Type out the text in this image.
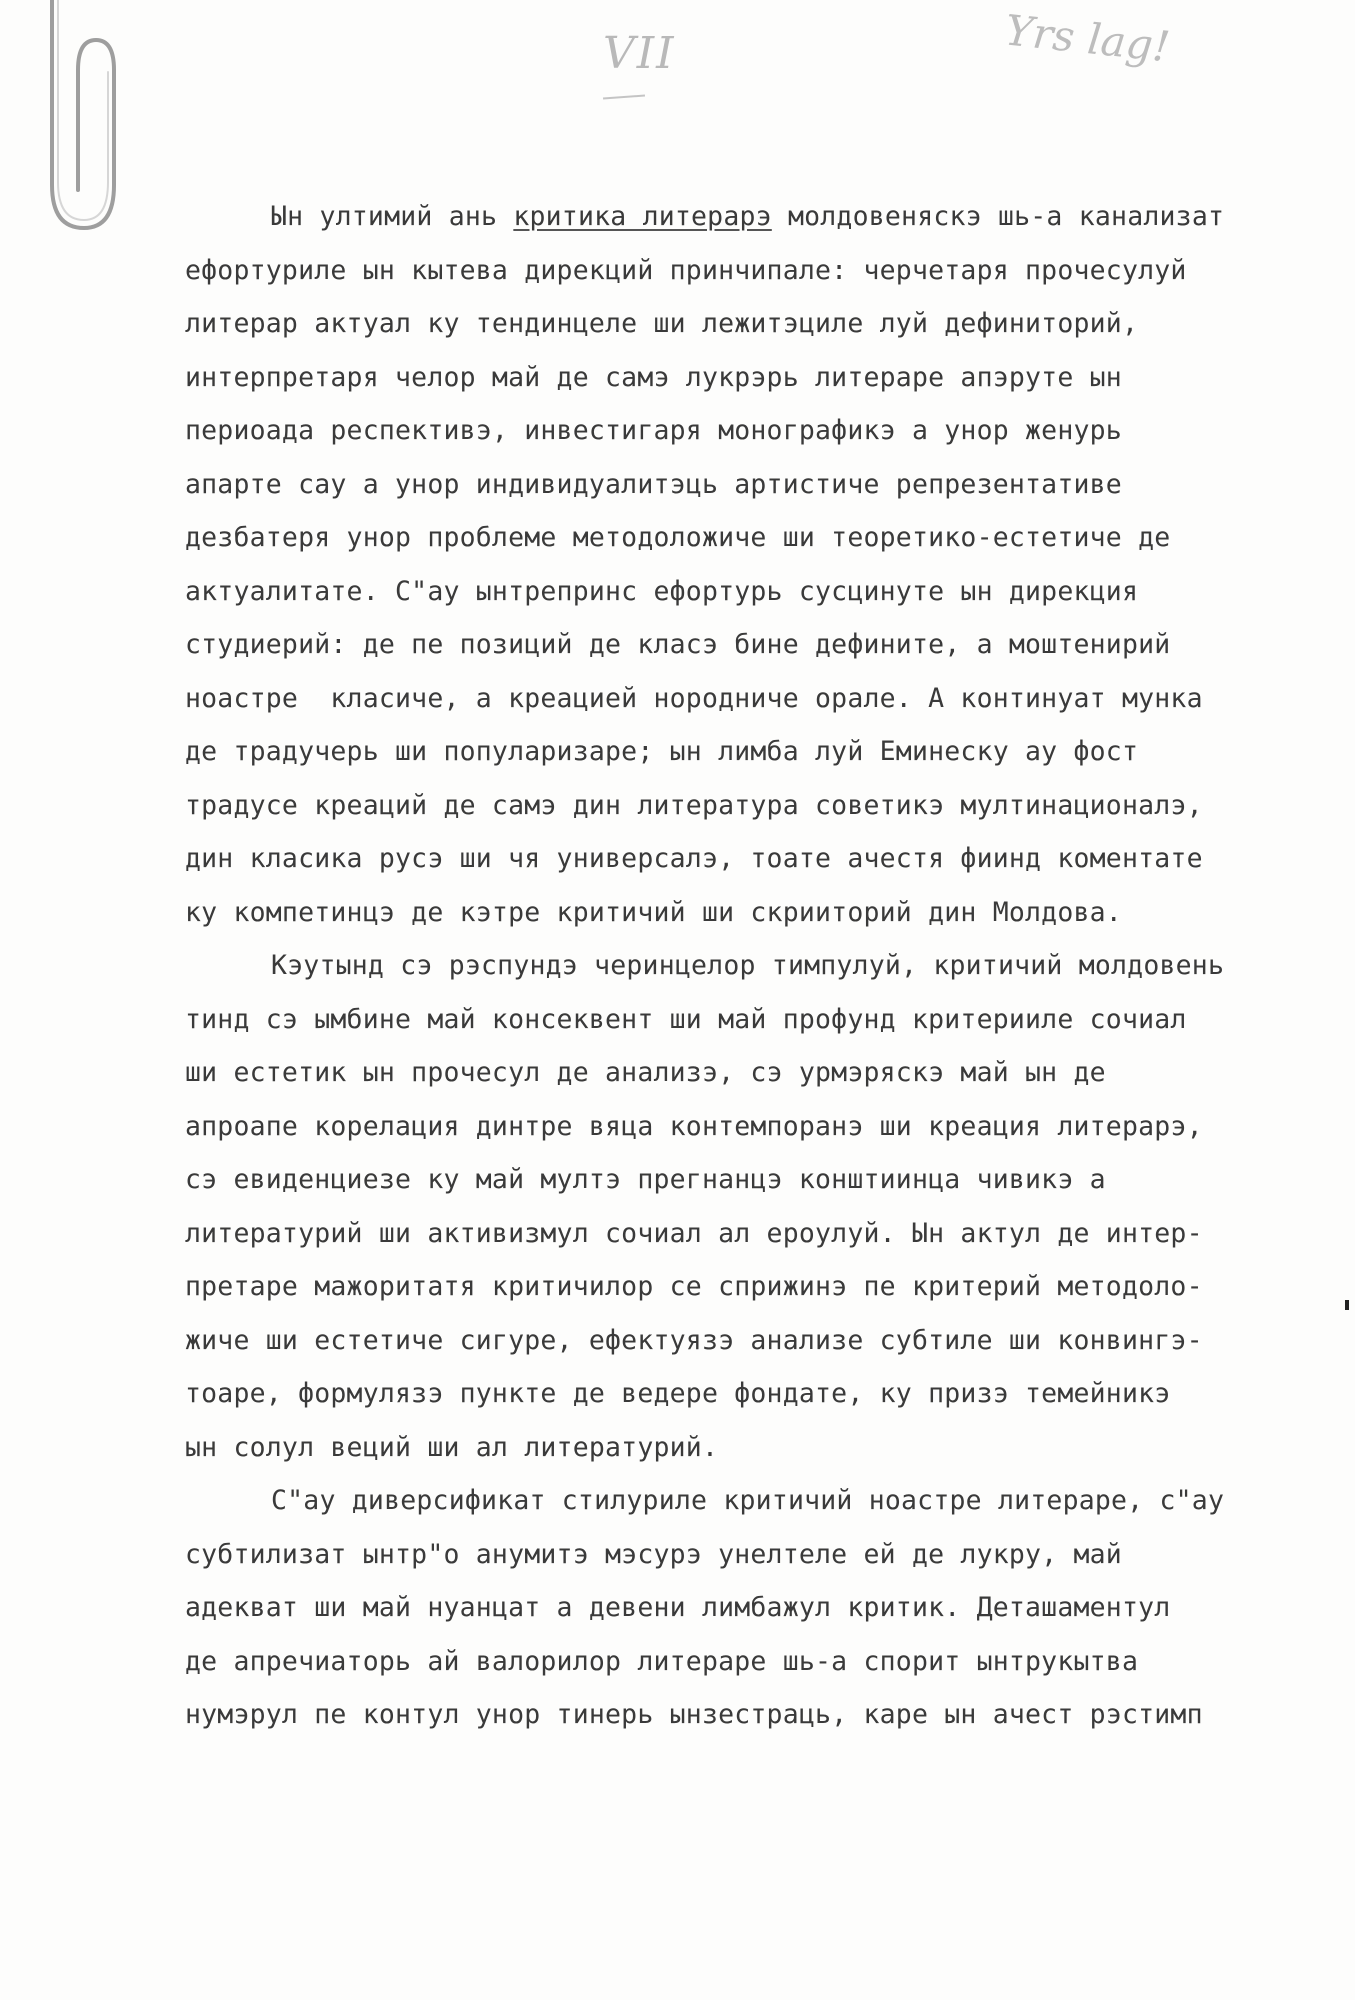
VII	Yrs lag!
Ын ултимий ань критика литерарэ молдовеняскэ шь-а канализат
ефортуриле ын кытева дирекций принчипале: черчетаря прочесулуй
литерар актуал ку тендинцеле ши лежитэциле луй дефиниторий,
интерпретаря челор май де самэ лукрэрь литераре апэруте ын
периоада респективэ, инвестигаря монографикэ а унор женурь
апарте сау а унор индивидуалитэць артистиче репрезентативе
дезбатеря унор проблеме методоложиче ши теоретико-естетиче де
актуалитате. С"ау ынтрепринс ефортурь сусцинуте ын дирекция
студиерий: де пе позиций де класэ бине дефините, а моштенирий
ноастре  класиче, а креацией нородниче орале. А континуат мунка
де традучерь ши популаризаре; ын лимба луй Еминеску ау фост
традусе креаций де самэ дин литература советикэ мултинационалэ,
дин класика русэ ши чя универсалэ, тоате ачестя фиинд коментате
ку компетинцэ де кэтре критичий ши скрииторий дин Молдова.
Кэутынд сэ рэспундэ черинцелор тимпулуй, критичий молдовень
тинд сэ ымбине май консеквент ши май профунд критерииле сочиал
ши естетик ын прочесул де анализэ, сэ урмэряскэ май ын де
апроапе корелация динтре вяца контемпоранэ ши креация литерарэ,
сэ евиденциезе ку май мултэ прегнанцэ конштиинца чивикэ а
литературий ши активизмул сочиал ал ероулуй. Ын актул де интер-
претаре мажоритатя критичилор се сприжинэ пе критерий методоло-
жиче ши естетиче сигуре, ефектуязэ анализе субтиле ши конвингэ-
тоаре, формулязэ пункте де ведере фондате, ку призэ темейникэ
ын солул веций ши ал литературий.
С"ау диверсификат стилуриле критичий ноастре литераре, с"ау
субтилизат ынтр"о анумитэ мэсурэ унелтеле ей де лукру, май
адекват ши май нуанцат а девени лимбажул критик. Деташаментул
де апречиаторь ай валорилор литераре шь-а спорит ынтрукытва
нумэрул пе контул унор тинерь ынзестраць, каре ын ачест рэстимп
